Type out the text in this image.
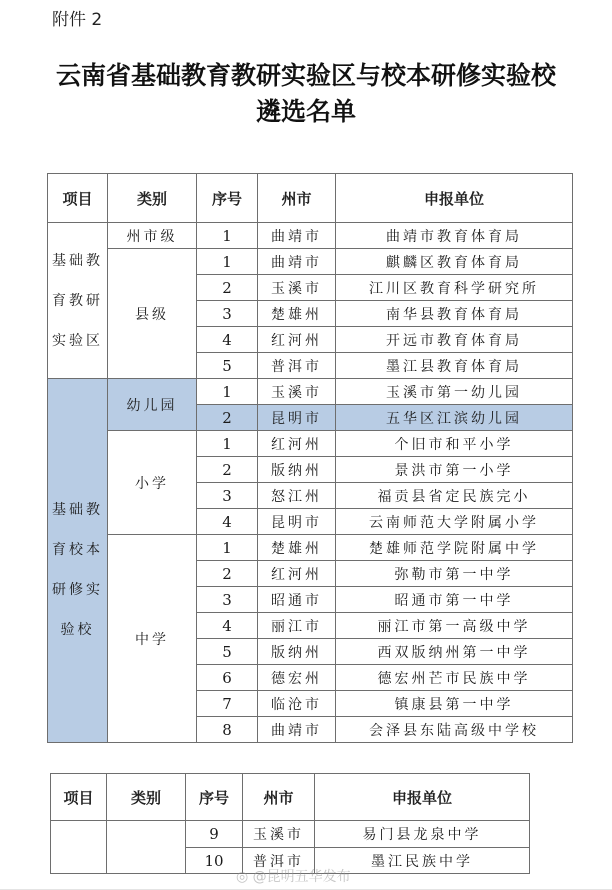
附件 2
云南省基础教育教研实验区与校本研修实验校
遴选名单
项目	类别	序号	州市	申报单位

基础教
育教研
实验区	州市级	1	曲靖市	曲靖市教育体育局
	县级	1	曲靖市	麒麟区教育体育局
		2	玉溪市	江川区教育科学研究所
		3	楚雄州	南华县教育体育局
		4	红河州	开远市教育体育局
		5	普洱市	墨江县教育体育局

基础教
育校本
研修实
验校	幼儿园	1	玉溪市	玉溪市第一幼儿园
		2	昆明市	五华区江滨幼儿园
	小学	1	红河州	个旧市和平小学
		2	版纳州	景洪市第一小学
		3	怒江州	福贡县省定民族完小
		4	昆明市	云南师范大学附属小学
	中学	1	楚雄州	楚雄师范学院附属中学
		2	红河州	弥勒市第一中学
		3	昭通市	昭通市第一中学
		4	丽江市	丽江市第一高级中学
		5	版纳州	西双版纳州第一中学
		6	德宏州	德宏州芒市民族中学
		7	临沧市	镇康县第一中学
		8	曲靖市	会泽县东陆高级中学校
项目	类别	序号	州市	申报单位
		9	玉溪市	易门县龙泉中学
		10	普洱市	墨江民族中学
◎ @昆明五华发布
